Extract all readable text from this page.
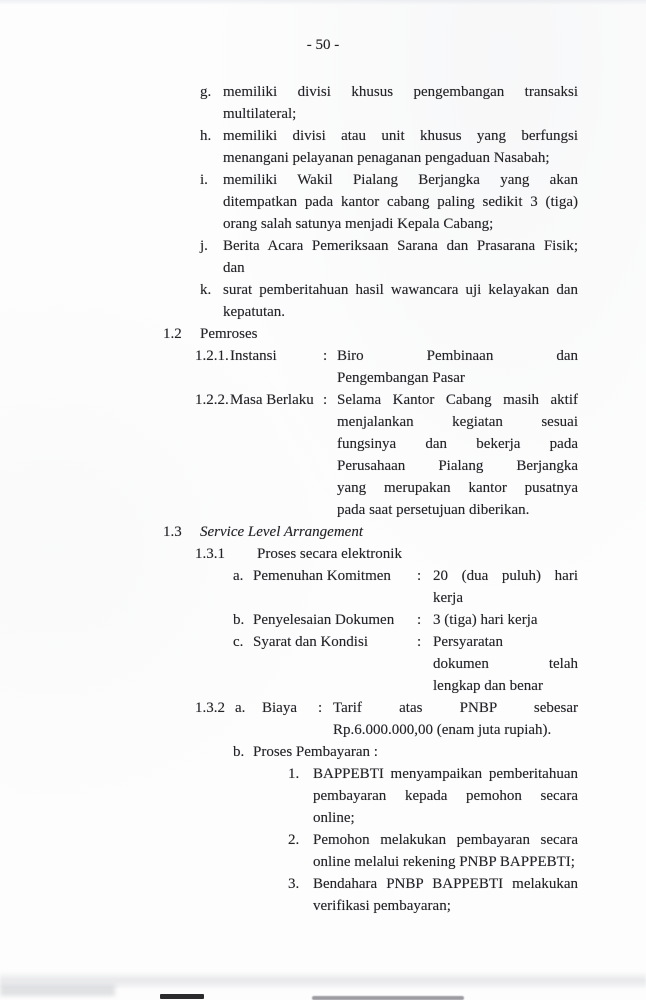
- 50 -
g. memiliki divisi khusus pengembangan transaksi
multilateral;
h. memiliki divisi atau unit khusus yang berfungsi
menangani pelayanan penaganan pengaduan Nasabah;
i.	memiliki Wakil Pialang Berjangka yang akan
ditempatkan pada kantor cabang paling sedikit 3 (tiga)
orang salah satunya menjadi Kepala Cabang;
j.	Berita Acara Pemeriksaan Sarana dan Prasarana Fisik;
dan
k. surat pemberitahuan hasil wawancara uji kelayakan dan
kepatutan.
1.2	Pemroses
1.2.1. Instansi	: Biro Pembinaan dan
Pengembangan Pasar
1.2.2. Masa Berlaku : Selama Kantor Cabang masih aktif
menjalankan kegiatan sesuai
fungsinya dan bekerja pada
Perusahaan Pialang Berjangka
yang merupakan kantor pusatnya
pada saat persetujuan diberikan.
1.3	Service Level Arrangement
1.3.1	Proses secara elektronik
a. Pemenuhan Komitmen	: 20 (dua puluh) hari
kerja
b. Penyelesaian Dokumen	: 3 (tiga) hari kerja
c. Syarat dan Kondisi	: Persyaratan
dokumen telah
lengkap dan benar
1.3.2 a.	Biaya	: Tarif atas PNBP sebesar
Rp.6.000.000,00 (enam juta rupiah).
b. Proses Pembayaran :
1. BAPPEBTI menyampaikan pemberitahuan
pembayaran kepada pemohon secara online;
2. Pemohon melakukan pembayaran secara
online melalui rekening PNBP BAPPEBTI;
3. Bendahara PNBP BAPPEBTI melakukan
verifikasi pembayaran;
